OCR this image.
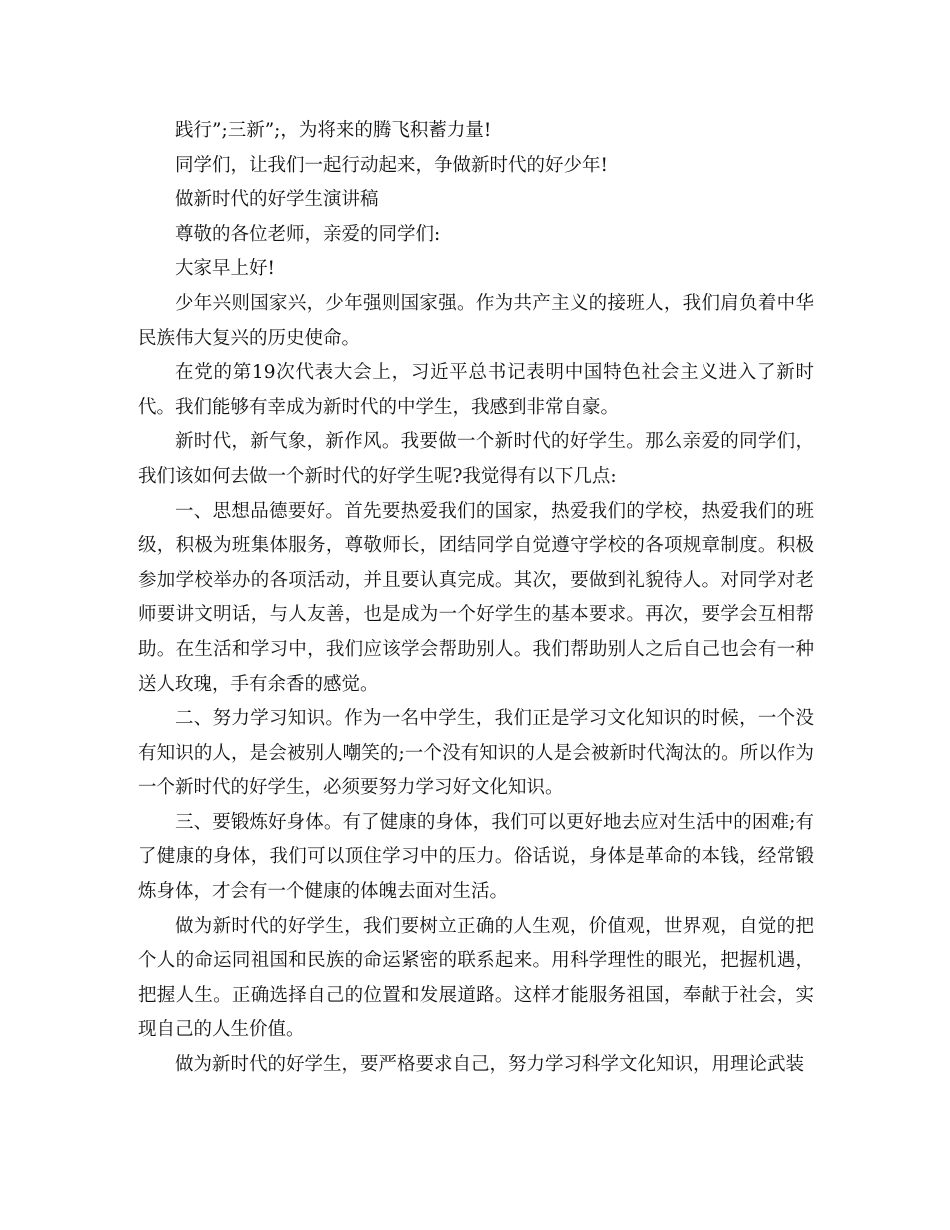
践行”;三新”;，为将来的腾飞积蓄力量!

同学们，让我们一起行动起来，争做新时代的好少年!

做新时代的好学生演讲稿

尊敬的各位老师，亲爱的同学们:

大家早上好!

少年兴则国家兴，少年强则国家强。作为共产主义的接班人，我们肩负着中华民族伟大复兴的历史使命。

在党的第19次代表大会上，习近平总书记表明中国特色社会主义进入了新时代。我们能够有幸成为新时代的中学生，我感到非常自豪。

新时代，新气象，新作风。我要做一个新时代的好学生。那么亲爱的同学们，我们该如何去做一个新时代的好学生呢?我觉得有以下几点:

一、思想品德要好。首先要热爱我们的国家，热爱我们的学校，热爱我们的班级，积极为班集体服务，尊敬师长，团结同学自觉遵守学校的各项规章制度。积极参加学校举办的各项活动，并且要认真完成。其次，要做到礼貌待人。对同学对老师要讲文明话，与人友善，也是成为一个好学生的基本要求。再次，要学会互相帮助。在生活和学习中，我们应该学会帮助别人。我们帮助别人之后自己也会有一种送人玫瑰，手有余香的感觉。

二、努力学习知识。作为一名中学生，我们正是学习文化知识的时候，一个没有知识的人，是会被别人嘲笑的;一个没有知识的人是会被新时代淘汰的。所以作为一个新时代的好学生，必须要努力学习好文化知识。

三、要锻炼好身体。有了健康的身体，我们可以更好地去应对生活中的困难;有了健康的身体，我们可以顶住学习中的压力。俗话说，身体是革命的本钱，经常锻炼身体，才会有一个健康的体魄去面对生活。

做为新时代的好学生，我们要树立正确的人生观，价值观，世界观，自觉的把个人的命运同祖国和民族的命运紧密的联系起来。用科学理性的眼光，把握机遇，把握人生。正确选择自己的位置和发展道路。这样才能服务祖国，奉献于社会，实现自己的人生价值。

做为新时代的好学生，要严格要求自己，努力学习科学文化知识，用理论武装
